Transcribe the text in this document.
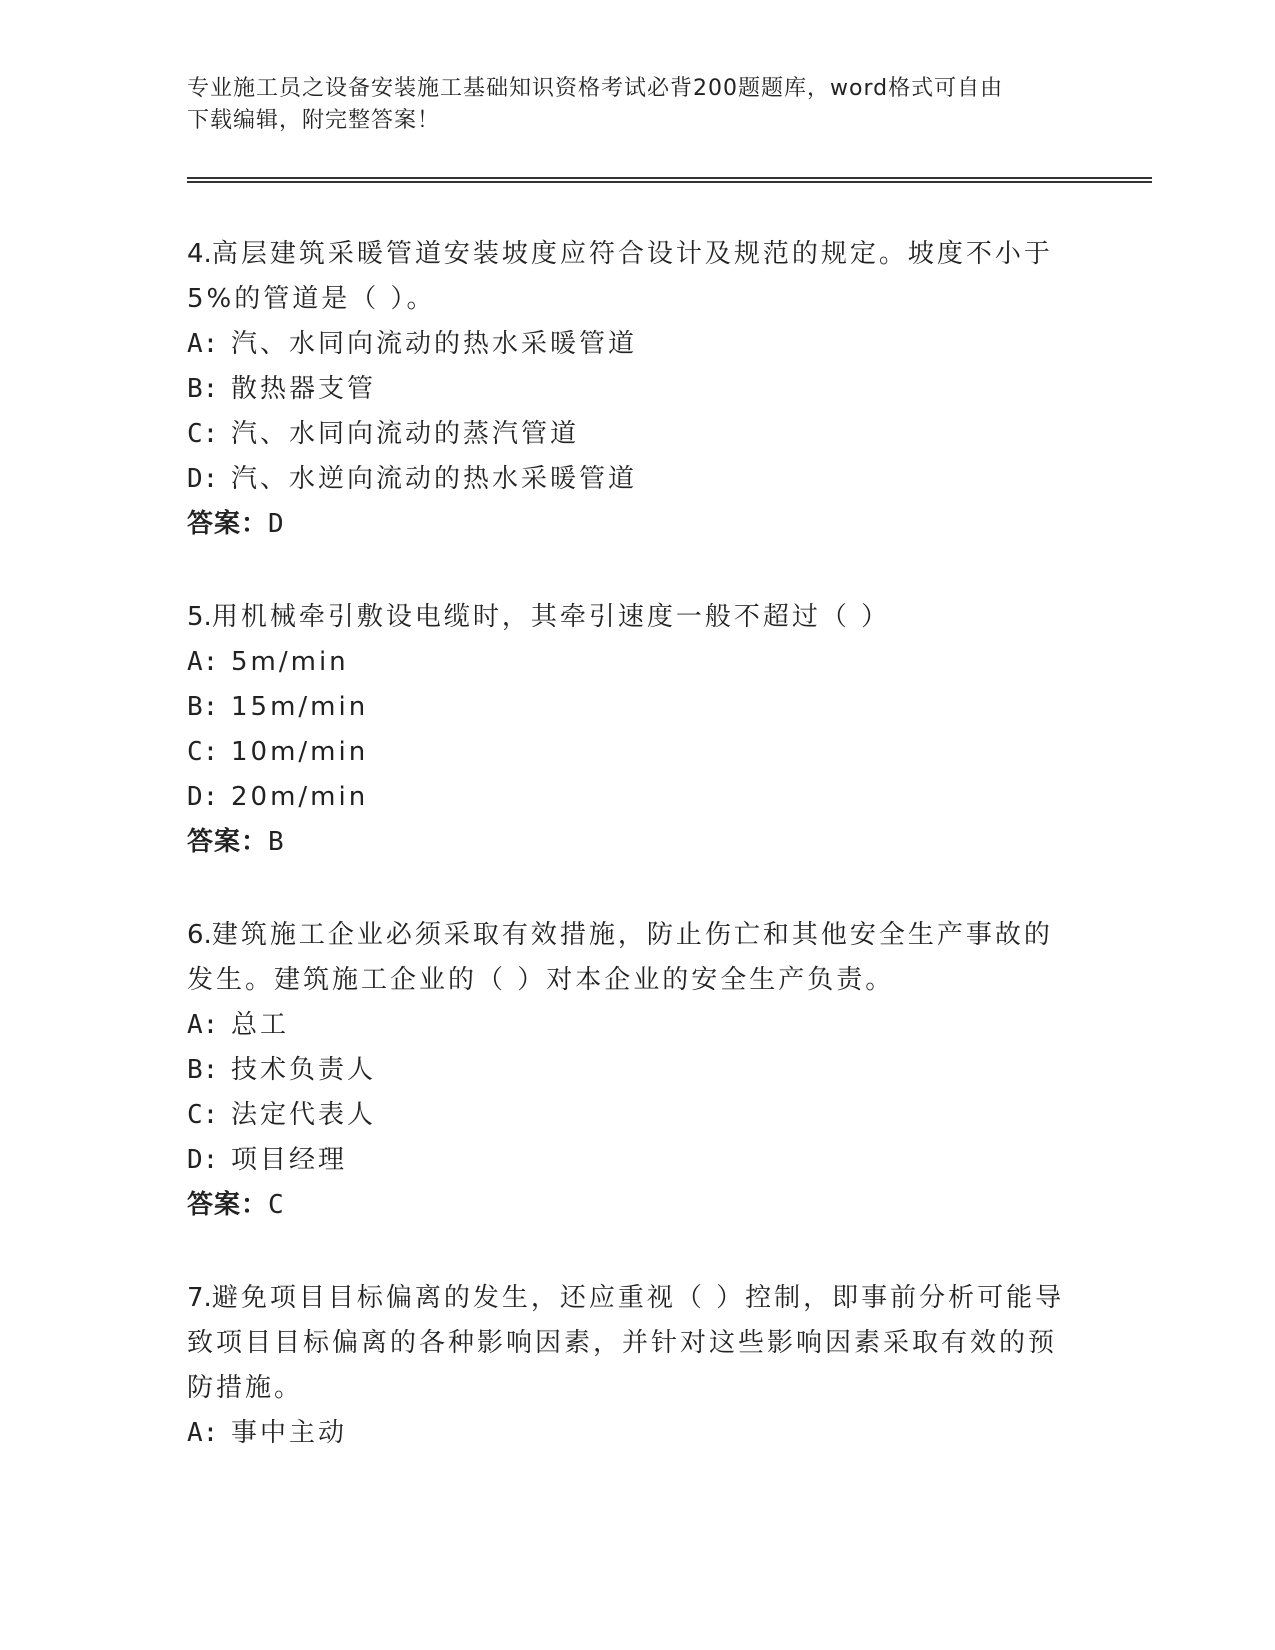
专业施工员之设备安装施工基础知识资格考试必背200题题库，word格式可自由
下载编辑，附完整答案！
4.高层建筑采暖管道安装坡度应符合设计及规范的规定。坡度不小于
5%的管道是（ ）。
A: 汽、水同向流动的热水采暖管道
B: 散热器支管
C: 汽、水同向流动的蒸汽管道
D: 汽、水逆向流动的热水采暖管道
答案：D
5.用机械牵引敷设电缆时，其牵引速度一般不超过（ ）
A: 5m/min
B: 15m/min
C: 10m/min
D: 20m/min
答案：B
6.建筑施工企业必须采取有效措施，防止伤亡和其他安全生产事故的
发生。建筑施工企业的（ ）对本企业的安全生产负责。
A: 总工
B: 技术负责人
C: 法定代表人
D: 项目经理
答案：C
7.避免项目目标偏离的发生，还应重视（ ）控制，即事前分析可能导
致项目目标偏离的各种影响因素，并针对这些影响因素采取有效的预
防措施。
A: 事中主动
